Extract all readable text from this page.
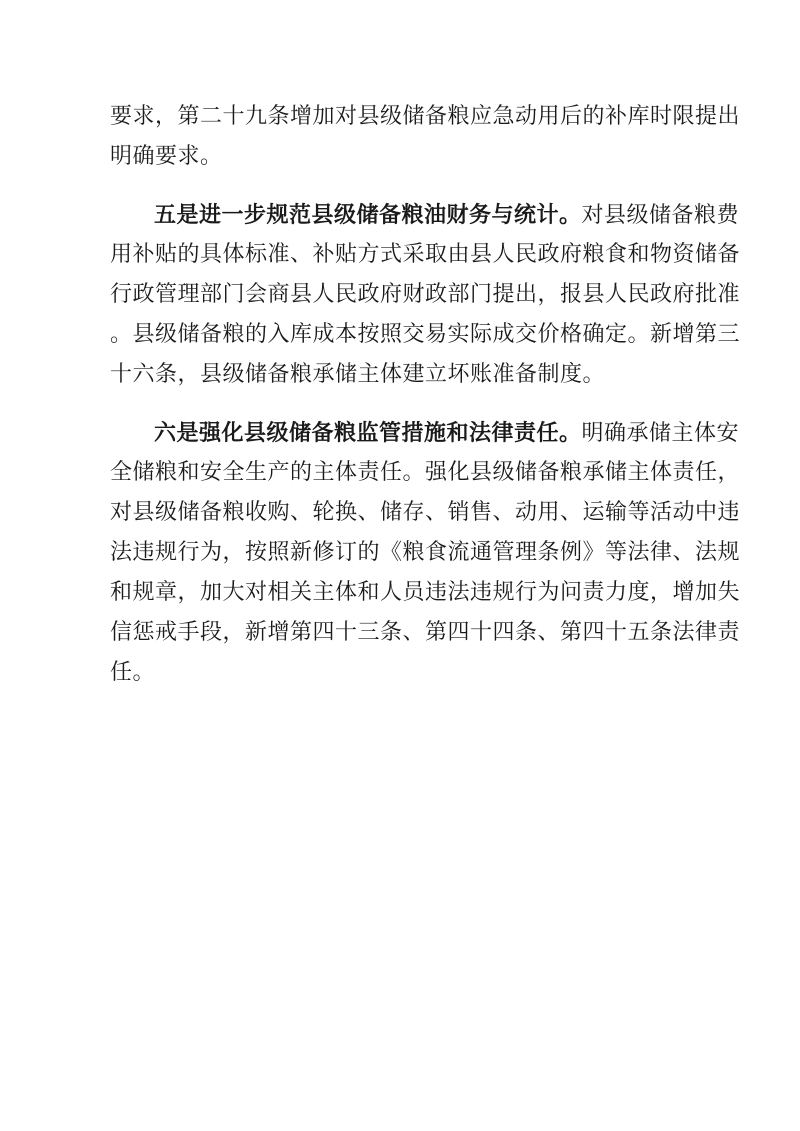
要求，第二十九条增加对县级储备粮应急动用后的补库时限提出
明确要求。
五是进一步规范县级储备粮油财务与统计。对县级储备粮费
用补贴的具体标准、补贴方式采取由县人民政府粮食和物资储备
行政管理部门会商县人民政府财政部门提出，报县人民政府批准
。县级储备粮的入库成本按照交易实际成交价格确定。新增第三
十六条，县级储备粮承储主体建立坏账准备制度。
六是强化县级储备粮监管措施和法律责任。明确承储主体安
全储粮和安全生产的主体责任。强化县级储备粮承储主体责任，
对县级储备粮收购、轮换、储存、销售、动用、运输等活动中违
法违规行为，按照新修订的《粮食流通管理条例》等法律、法规
和规章，加大对相关主体和人员违法违规行为问责力度，增加失
信惩戒手段，新增第四十三条、第四十四条、第四十五条法律责
任。
